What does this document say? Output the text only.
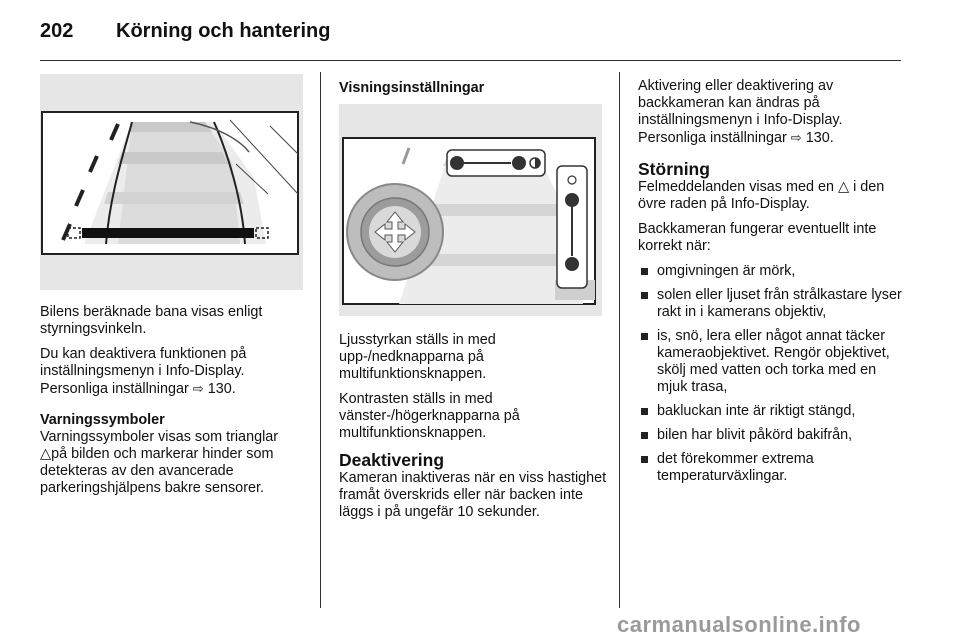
202 Körning och hantering

Bilens beräknade bana visas enligt styrningsvinkeln.

Du kan deaktivera funktionen på inställningsmenyn i Info-Display. Personliga inställningar ⇨ 130.

Varningssymboler

Varningssymboler visas som trianglar
△på bilden och markerar hinder som detekteras av den avancerade parkeringshjälpens bakre sensorer.

Visningsinställningar

Ljusstyrkan ställs in med upp-/nedknapparna på multifunktionsknappen.

Kontrasten ställs in med vänster-/högerknapparna på multifunktionsknappen.

Deaktivering

Kameran inaktiveras när en viss hastighet framåt överskrids eller när backen inte läggs i på ungefär 10 sekunder.

Aktivering eller deaktivering av backkameran kan ändras på inställningsmenyn i Info-Display. Personliga inställningar ⇨ 130.

Störning

Felmeddelanden visas med en △ i den övre raden på Info-Display.

Backkameran fungerar eventuellt inte korrekt när:

omgivningen är mörk,
solen eller ljuset från strålkastare lyser rakt in i kamerans objektiv,
is, snö, lera eller något annat täcker kameraobjektivet. Rengör objektivet, skölj med vatten och torka med en mjuk trasa,
bakluckan inte är riktigt stängd,
bilen har blivit påkörd bakifrån,
det förekommer extrema temperaturväxlingar.
carmanualsonline.info
